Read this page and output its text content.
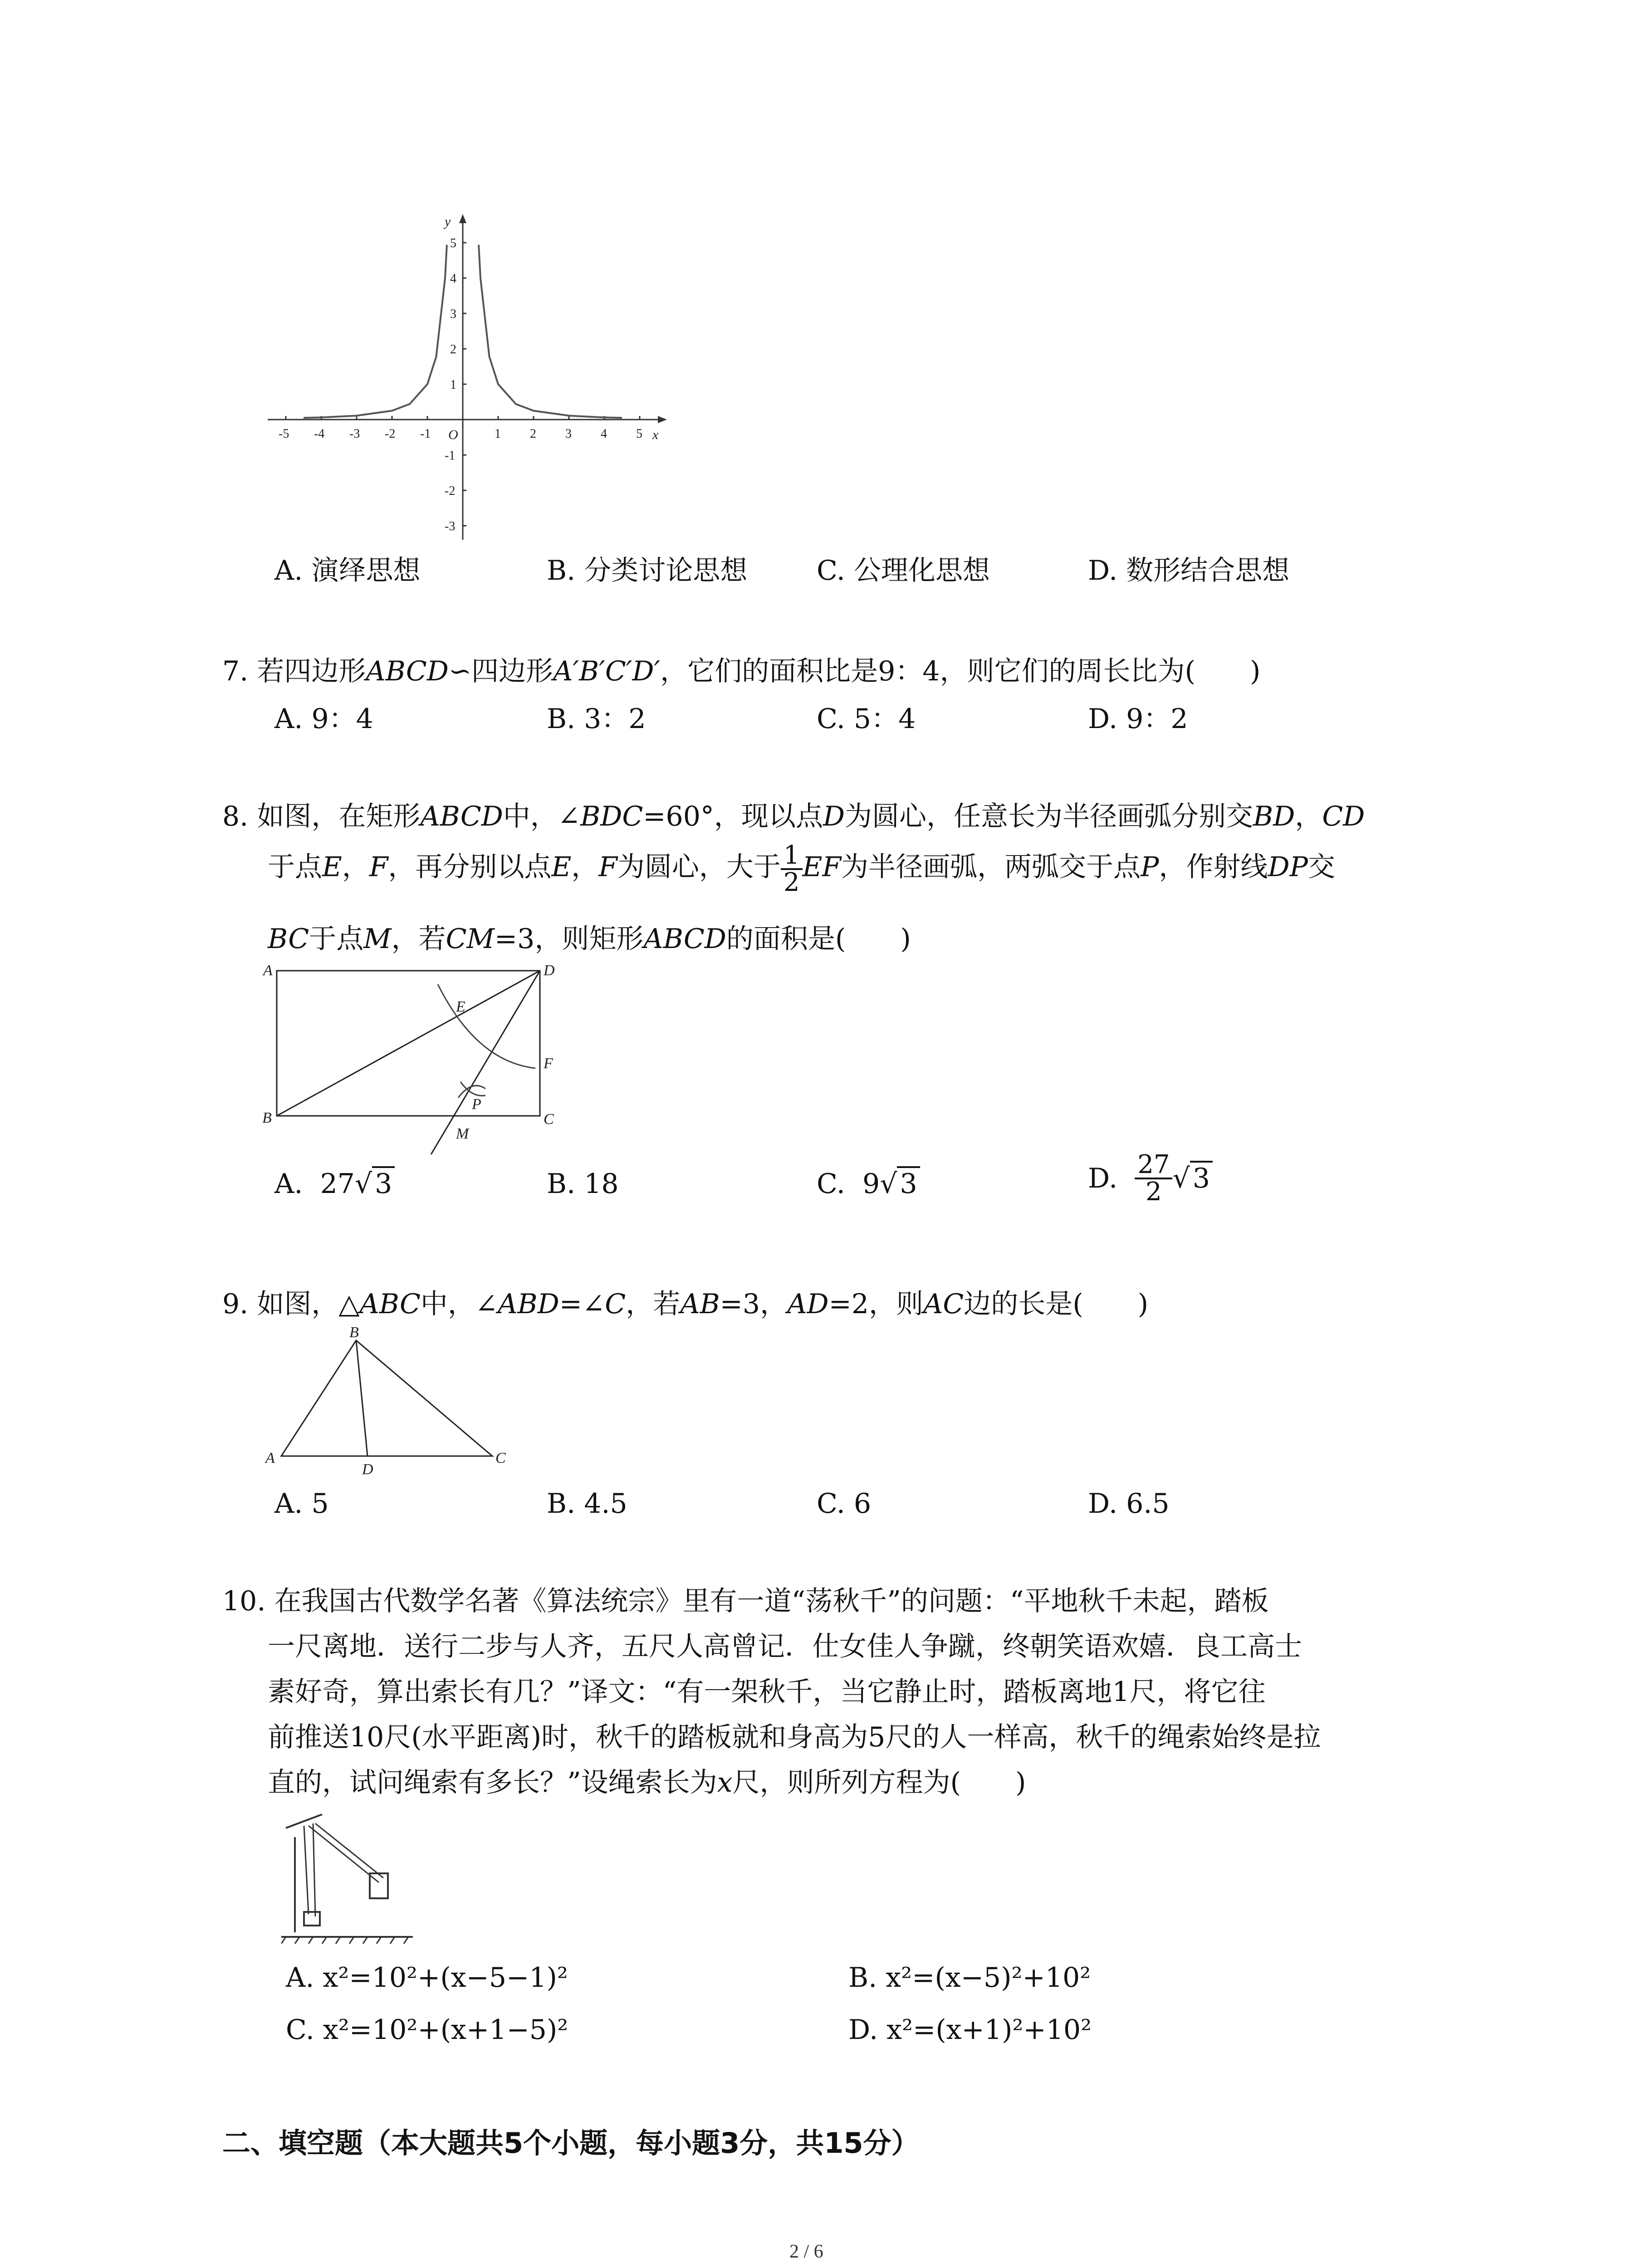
x
y
O
-5 -4 -3 -2 -1	1 2 3 4 5
5
4
3
2
1
-1
-2
-3
A. 演绎思想	B. 分类讨论思想	C. 公理化思想	D. 数形结合思想
7. 若四边形ABCD∽四边形A′B′C′D′，它们的面积比是9：4，则它们的周长比为(　　)
A. 9：4	B. 3：2	C. 5：4	D. 9：2
8. 如图，在矩形ABCD中，∠BDC=60°，现以点D为圆心，任意长为半径画弧分别交BD，CD
于点E，F，再分别以点E，F为圆心，大于 $\frac{1}{2}$ EF为半径画弧，两弧交于点P，作射线DP交
BC于点M，若CM=3，则矩形ABCD的面积是(　　)
A
B	C
D
E
F
P
M
A. 27√ 3	B. 18	C. 9√ 3	D. $\frac{27}{2}$ √ 3
9. 如图，△ABC中，∠ABD=∠C，若AB=3，AD=2，则AC边的长是(　　)
A
B
C
D
A. 5	B. 4.5	C. 6	D. 6.5
10. 在我国古代数学名著《算法统宗》里有一道“荡秋千”的问题：“平地秋千未起，踏板
一尺离地．送行二步与人齐，五尺人高曾记．仕女佳人争蹴，终朝笑语欢嬉．良工高士
素好奇，算出索长有几？”译文：“有一架秋千，当它静止时，踏板离地1尺，将它往
前推送10尺(水平距离)时，秋千的踏板就和身高为5尺的人一样高，秋千的绳索始终是拉
直的，试问绳索有多长？”设绳索长为x尺，则所列方程为(　　)
A. x²=10²+(x−5−1)²	B. x²=(x−5)²+10²
C. x²=10²+(x+1−5)²	D. x²=(x+1)²+10²
二、填空题（本大题共5个小题，每小题3分，共15分）
2 / 6
